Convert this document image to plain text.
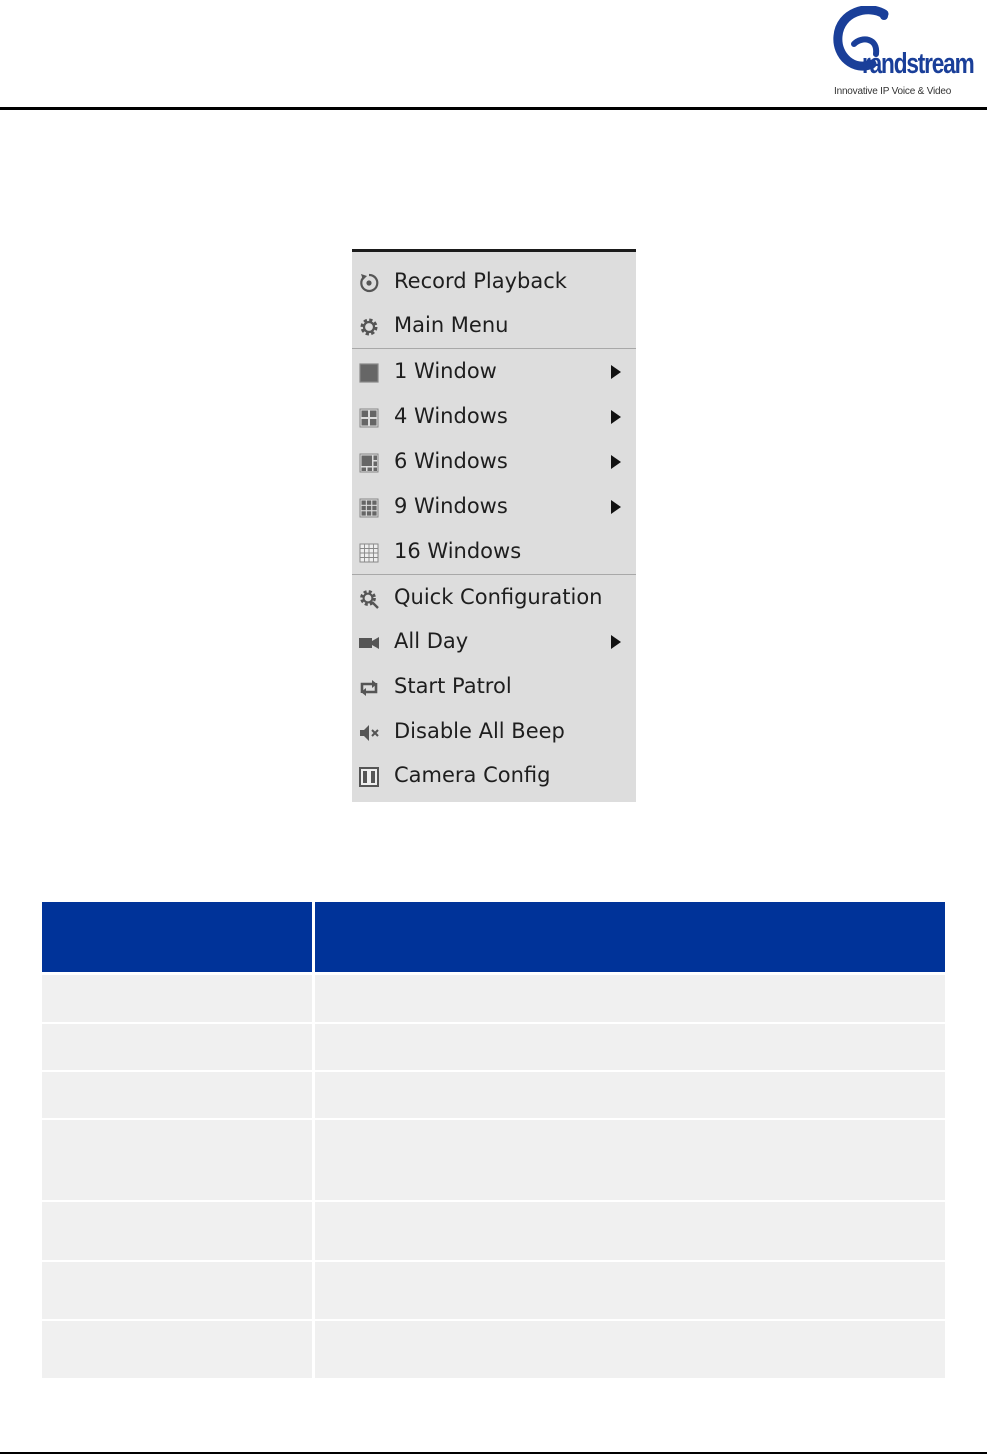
randstream
Innovative IP Voice & Video
Record Playback
Main Menu
1 Window
4 Windows
6 Windows
9 Windows
16 Windows
Quick Configuration
All Day
Start Patrol
Disable All Beep
Camera Config
